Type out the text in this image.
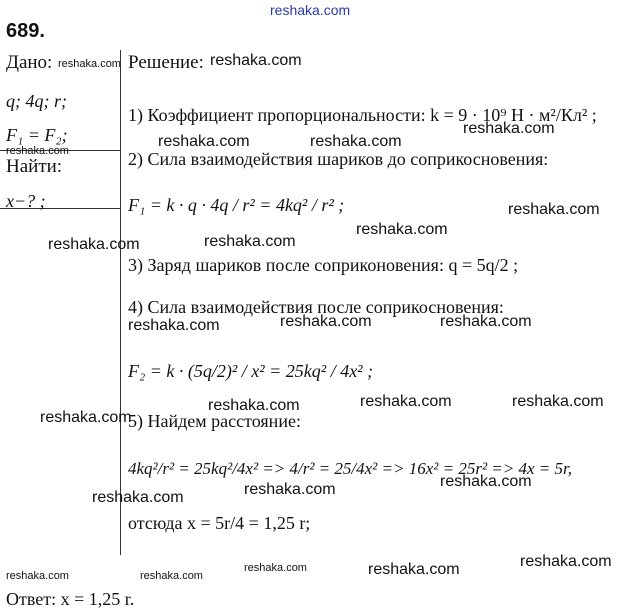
reshaka.com
689.
Дано:
q; 4q; r;
F₁ = F₂;
Найти:
x−? ;
Решение:
1) Коэффициент пропорциональности: k = 9 · 10⁹ Н · м²/Кл² ;
2) Сила взаимодействия шариков до соприкосновения:
F₁ = k · q · 4q / r² = 4kq² / r² ;
3) Заряд шариков после соприконовения: q = 5q/2 ;
4) Сила взаимодействия после соприкосновения:
F₂ = k · (5q/2)² / x² = 25kq² / 4x² ;
5) Найдем расстояние:
4kq²/r² = 25kq²/4x² => 4/r² = 25/4x² => 16x² = 25r² => 4x = 5r,
отсюда x = 5r/4 = 1,25 r;
Ответ: x = 1,25 r.
reshaka.com	reshaka.com
reshaka.com
reshaka.com
reshaka.com	reshaka.com
reshaka.com
reshaka.com
reshaka.com	reshaka.com
reshaka.com	reshaka.com	reshaka.com
reshaka.com	reshaka.com	reshaka.com
reshaka.com
reshaka.com	reshaka.com	reshaka.com
reshaka.com
reshaka.com
reshaka.com	reshaka.com
reshaka.com
